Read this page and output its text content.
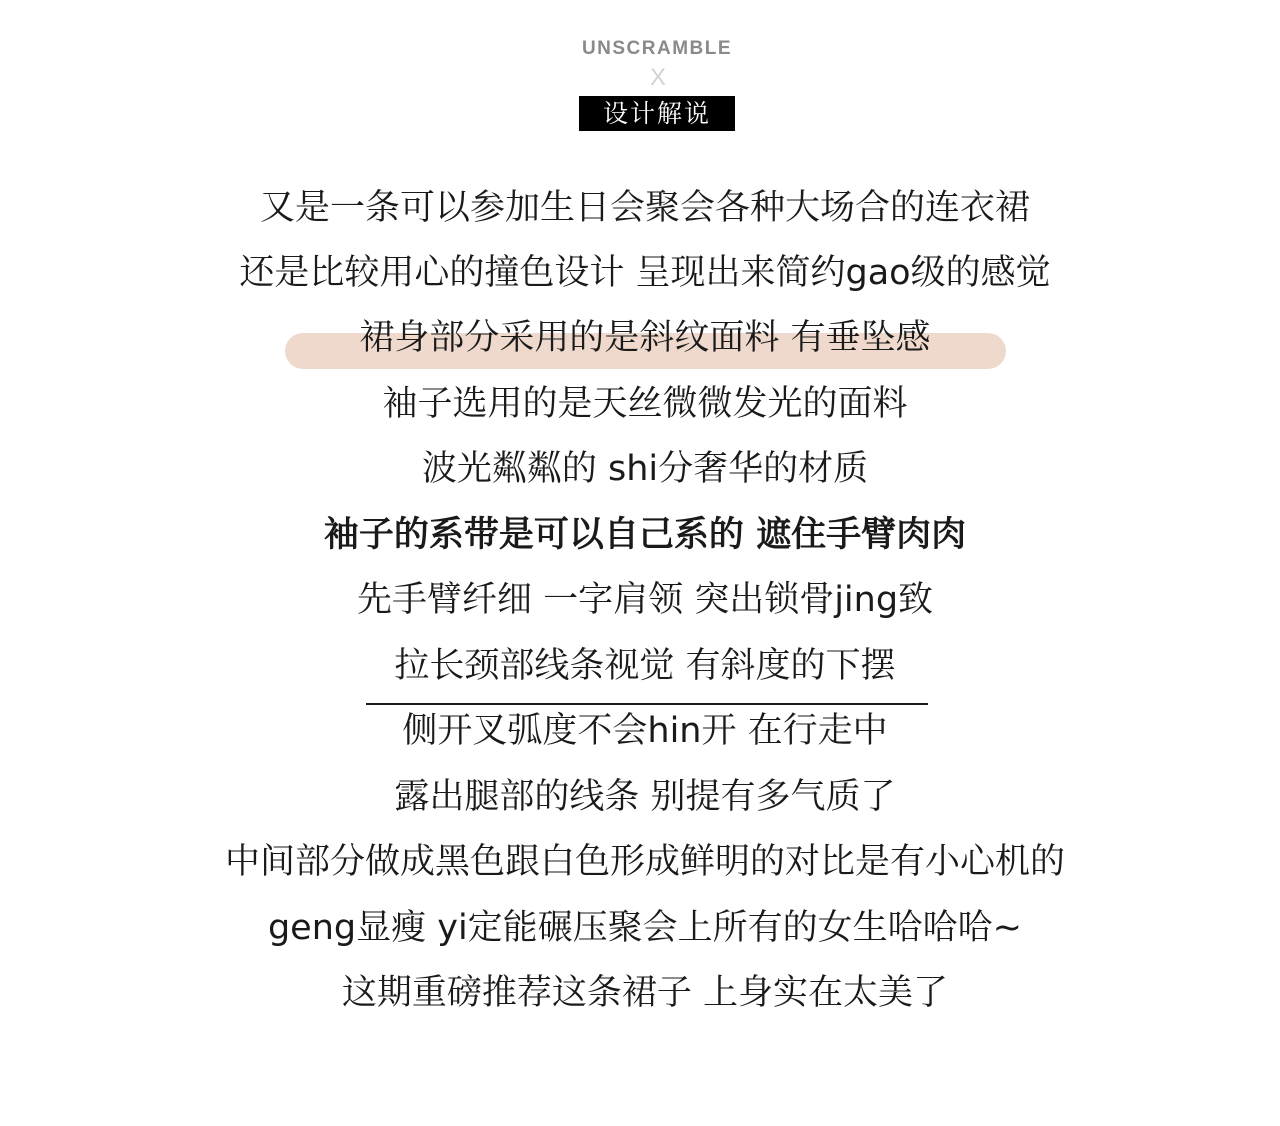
UNSCRAMBLE
X
设计解说
又是一条可以参加生日会聚会各种大场合的连衣裙
还是比较用心的撞色设计 呈现出来简约gao级的感觉
裙身部分采用的是斜纹面料 有垂坠感
袖子选用的是天丝微微发光的面料
波光粼粼的 shi分奢华的材质
袖子的系带是可以自己系的 遮住手臂肉肉
先手臂纤细 一字肩领 突出锁骨jing致
拉长颈部线条视觉 有斜度的下摆
侧开叉弧度不会hin开 在行走中
露出腿部的线条 别提有多气质了
中间部分做成黑色跟白色形成鲜明的对比是有小心机的
geng显瘦 yi定能碾压聚会上所有的女生哈哈哈~
这期重磅推荐这条裙子 上身实在太美了
